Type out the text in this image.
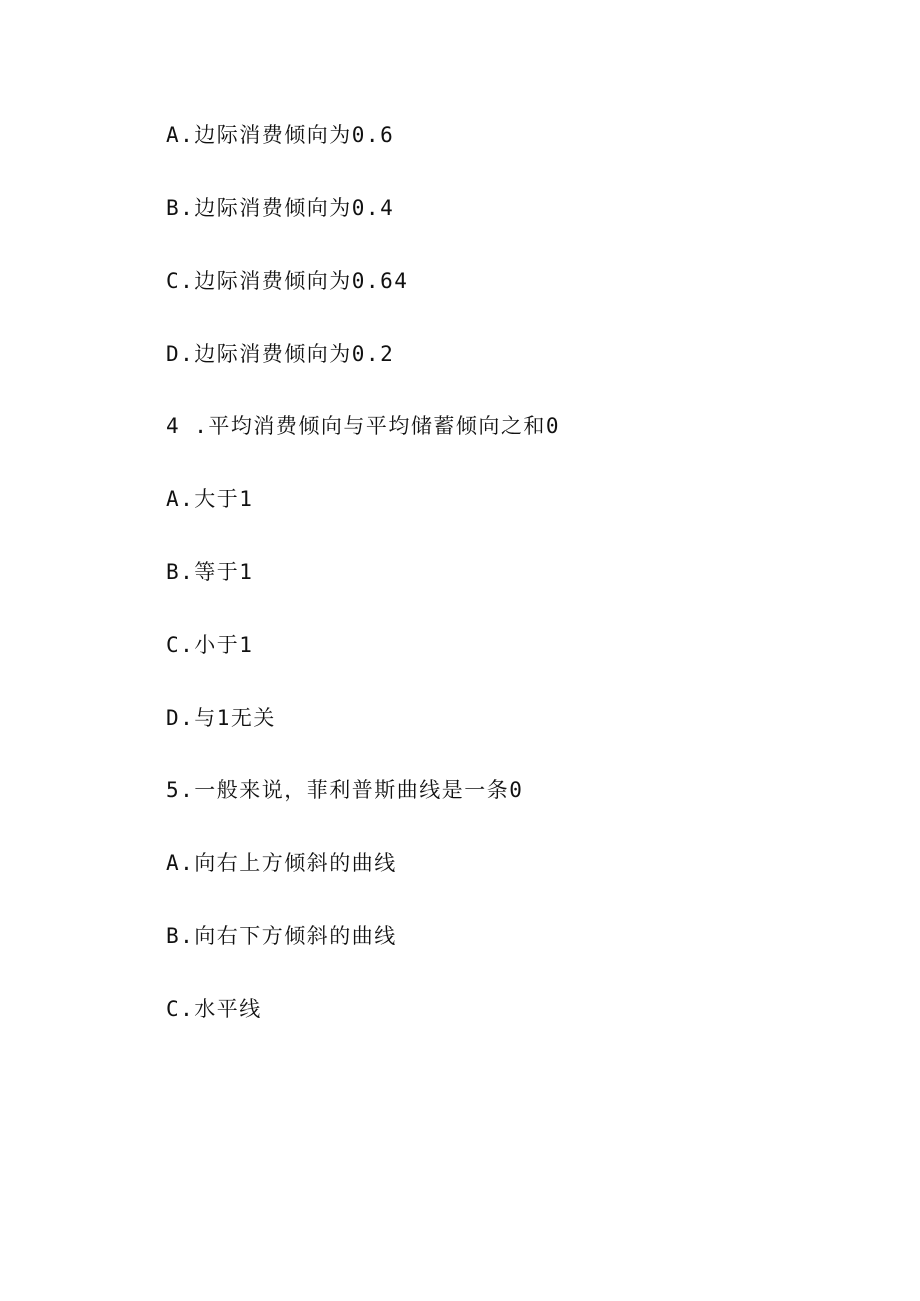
A.边际消费倾向为0.6
B.边际消费倾向为0.4
C.边际消费倾向为0.64
D.边际消费倾向为0.2
4 .平均消费倾向与平均储蓄倾向之和0
A.大于1
B.等于1
C.小于1
D.与1无关
5.一般来说，菲利普斯曲线是一条0
A.向右上方倾斜的曲线
B.向右下方倾斜的曲线
C.水平线
